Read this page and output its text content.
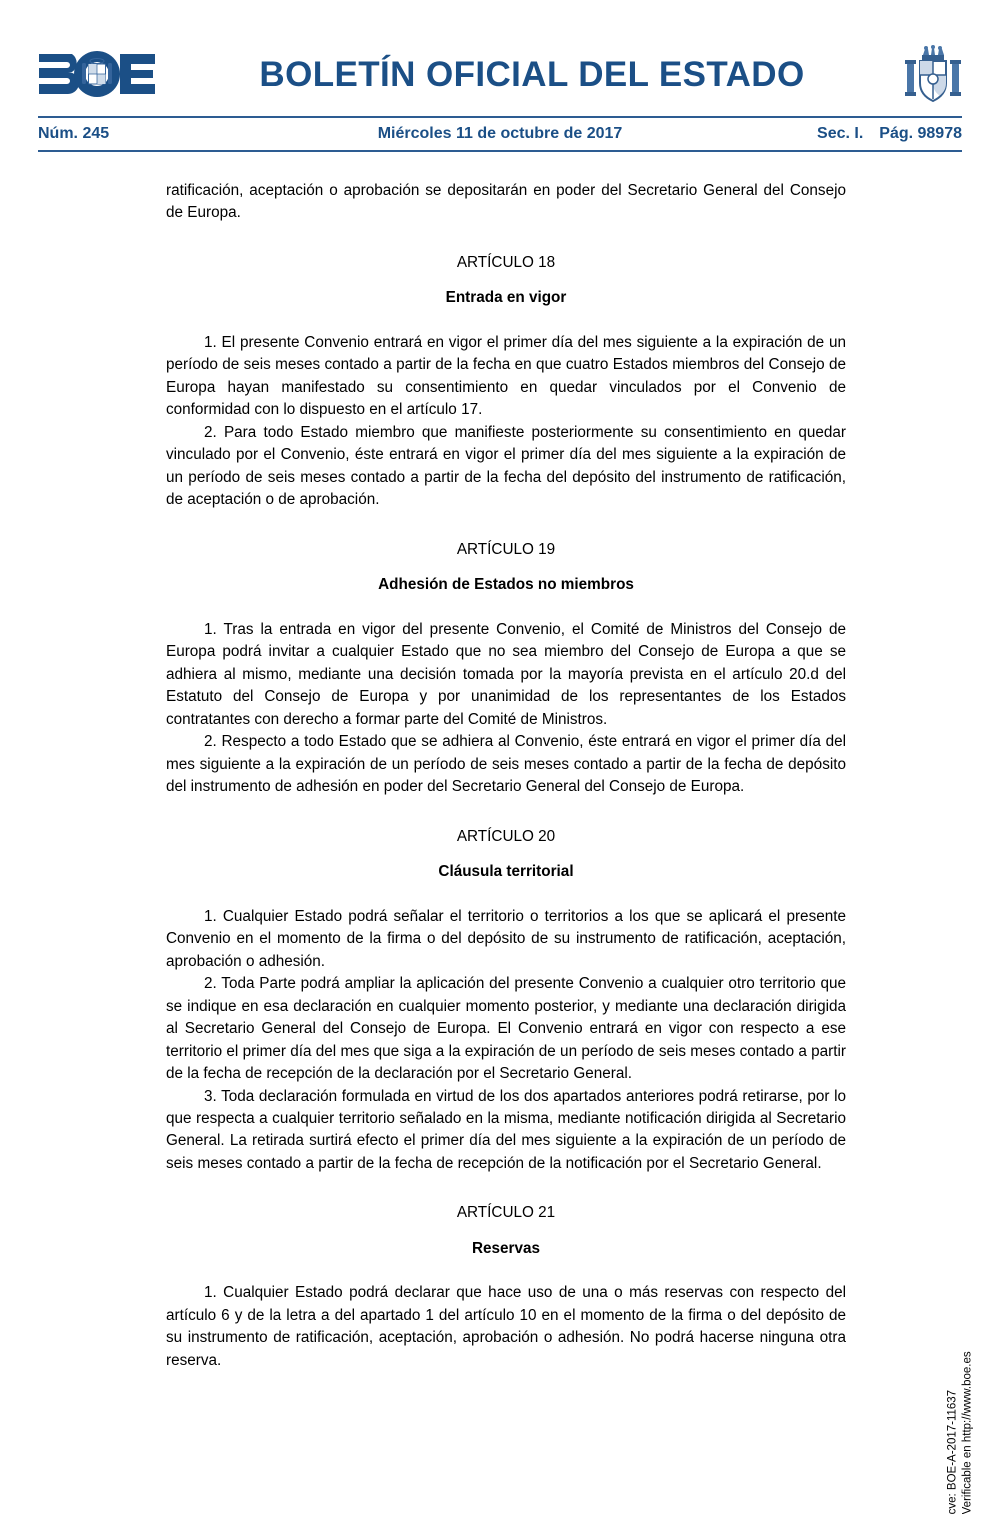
BOLETÍN OFICIAL DEL ESTADO
Núm. 245	Miércoles 11 de octubre de 2017	Sec. I. Pág. 98978

ratificación, aceptación o aprobación se depositarán en poder del Secretario General del Consejo de Europa.

ARTÍCULO 18

Entrada en vigor

1. El presente Convenio entrará en vigor el primer día del mes siguiente a la expiración de un período de seis meses contado a partir de la fecha en que cuatro Estados miembros del Consejo de Europa hayan manifestado su consentimiento en quedar vinculados por el Convenio de conformidad con lo dispuesto en el artículo 17.

2. Para todo Estado miembro que manifieste posteriormente su consentimiento en quedar vinculado por el Convenio, éste entrará en vigor el primer día del mes siguiente a la expiración de un período de seis meses contado a partir de la fecha del depósito del instrumento de ratificación, de aceptación o de aprobación.

ARTÍCULO 19

Adhesión de Estados no miembros

1. Tras la entrada en vigor del presente Convenio, el Comité de Ministros del Consejo de Europa podrá invitar a cualquier Estado que no sea miembro del Consejo de Europa a que se adhiera al mismo, mediante una decisión tomada por la mayoría prevista en el artículo 20.d del Estatuto del Consejo de Europa y por unanimidad de los representantes de los Estados contratantes con derecho a formar parte del Comité de Ministros.

2. Respecto a todo Estado que se adhiera al Convenio, éste entrará en vigor el primer día del mes siguiente a la expiración de un período de seis meses contado a partir de la fecha de depósito del instrumento de adhesión en poder del Secretario General del Consejo de Europa.

ARTÍCULO 20

Cláusula territorial

1. Cualquier Estado podrá señalar el territorio o territorios a los que se aplicará el presente Convenio en el momento de la firma o del depósito de su instrumento de ratificación, aceptación, aprobación o adhesión.

2. Toda Parte podrá ampliar la aplicación del presente Convenio a cualquier otro territorio que se indique en esa declaración en cualquier momento posterior, y mediante una declaración dirigida al Secretario General del Consejo de Europa. El Convenio entrará en vigor con respecto a ese territorio el primer día del mes que siga a la expiración de un período de seis meses contado a partir de la fecha de recepción de la declaración por el Secretario General.

3. Toda declaración formulada en virtud de los dos apartados anteriores podrá retirarse, por lo que respecta a cualquier territorio señalado en la misma, mediante notificación dirigida al Secretario General. La retirada surtirá efecto el primer día del mes siguiente a la expiración de un período de seis meses contado a partir de la fecha de recepción de la notificación por el Secretario General.

ARTÍCULO 21

Reservas

1. Cualquier Estado podrá declarar que hace uso de una o más reservas con respecto del artículo 6 y de la letra a del apartado 1 del artículo 10 en el momento de la firma o del depósito de su instrumento de ratificación, aceptación, aprobación o adhesión. No podrá hacerse ninguna otra reserva.

cve: BOE-A-2017-11637 Verificable en http://www.boe.es
